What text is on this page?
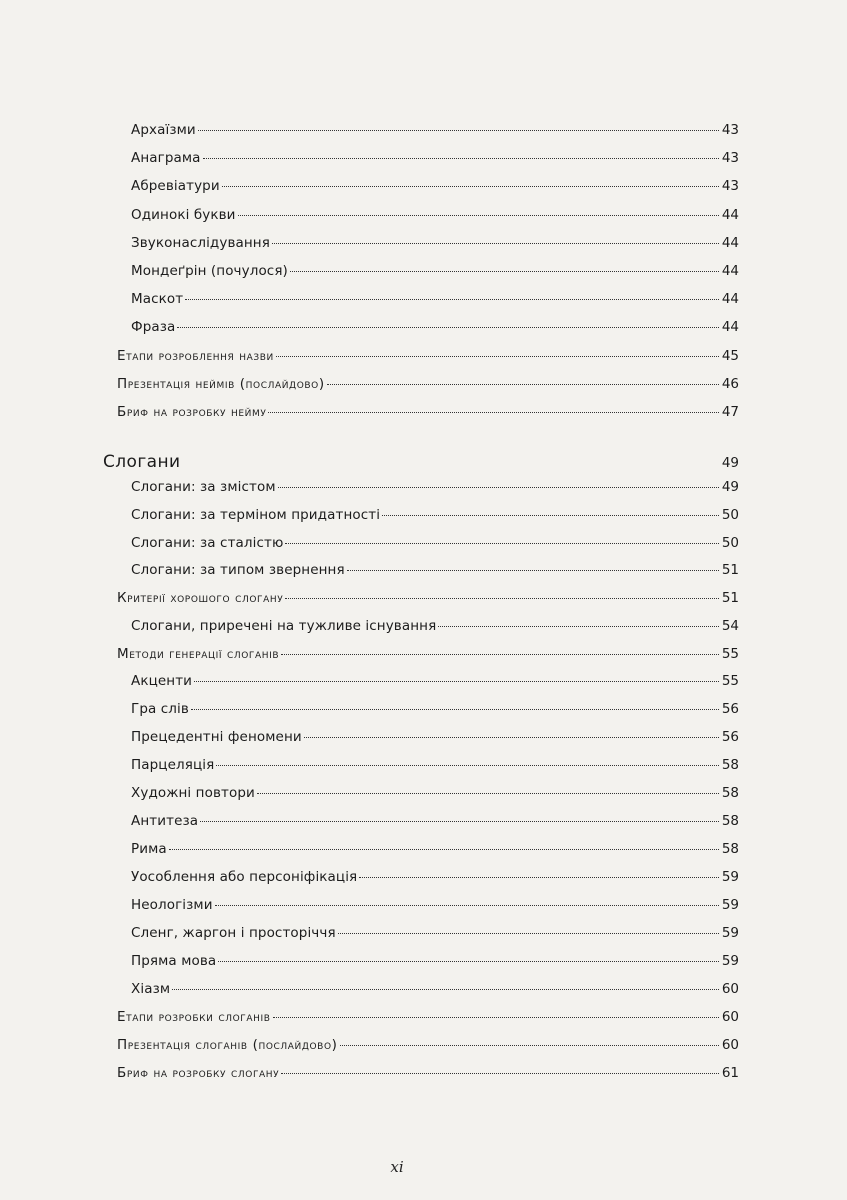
Архаїзми	43
Анаграма	43
Абревіатури	43
Одинокі букви	44
Звуконаслідування	44
Мондеґрін (почулося)	44
Маскот	44
Фраза	44
Етапи розроблення назви	45
Презентація неймів (послайдово)	46
Бриф на розробку нейму	47
Слогани	49
Слогани: за змістом	49
Слогани: за терміном придатності	50
Слогани: за сталістю	50
Слогани: за типом звернення	51
Критерії хорошого слогану	51
Слогани, приречені на тужливе існування	54
Методи генерації слоганів	55
Акценти	55
Гра слів	56
Прецедентні феномени	56
Парцеляція	58
Художні повтори	58
Антитеза	58
Рима	58
Уособлення або персоніфікація	59
Неологізми	59
Сленг, жаргон і просторіччя	59
Пряма мова	59
Хіазм	60
Етапи розробки слоганів	60
Презентація слоганів (послайдово)	60
Бриф на розробку слогану	61
xi
